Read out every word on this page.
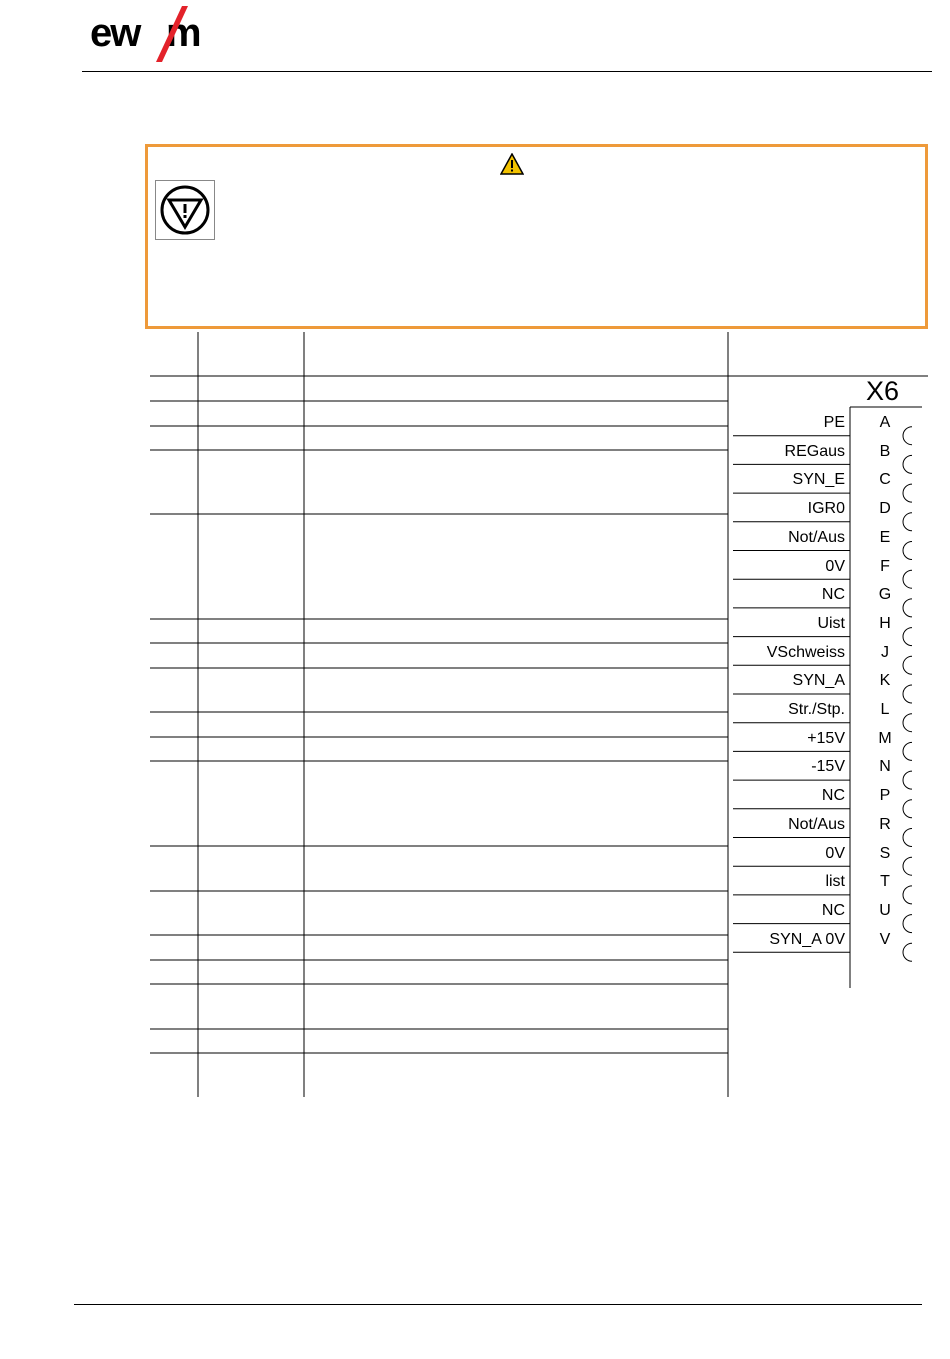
ew m
X6
PE	A
REGaus	B
SYN_E	C
IGR0	D
Not/Aus	E
0V	F
NC	G
Uist	H
VSchweiss	J
SYN_A	K
Str./Stp.	L
+15V	M
-15V	N
NC	P
Not/Aus	R
0V	S
list	T
NC	U
SYN_A 0V	V
